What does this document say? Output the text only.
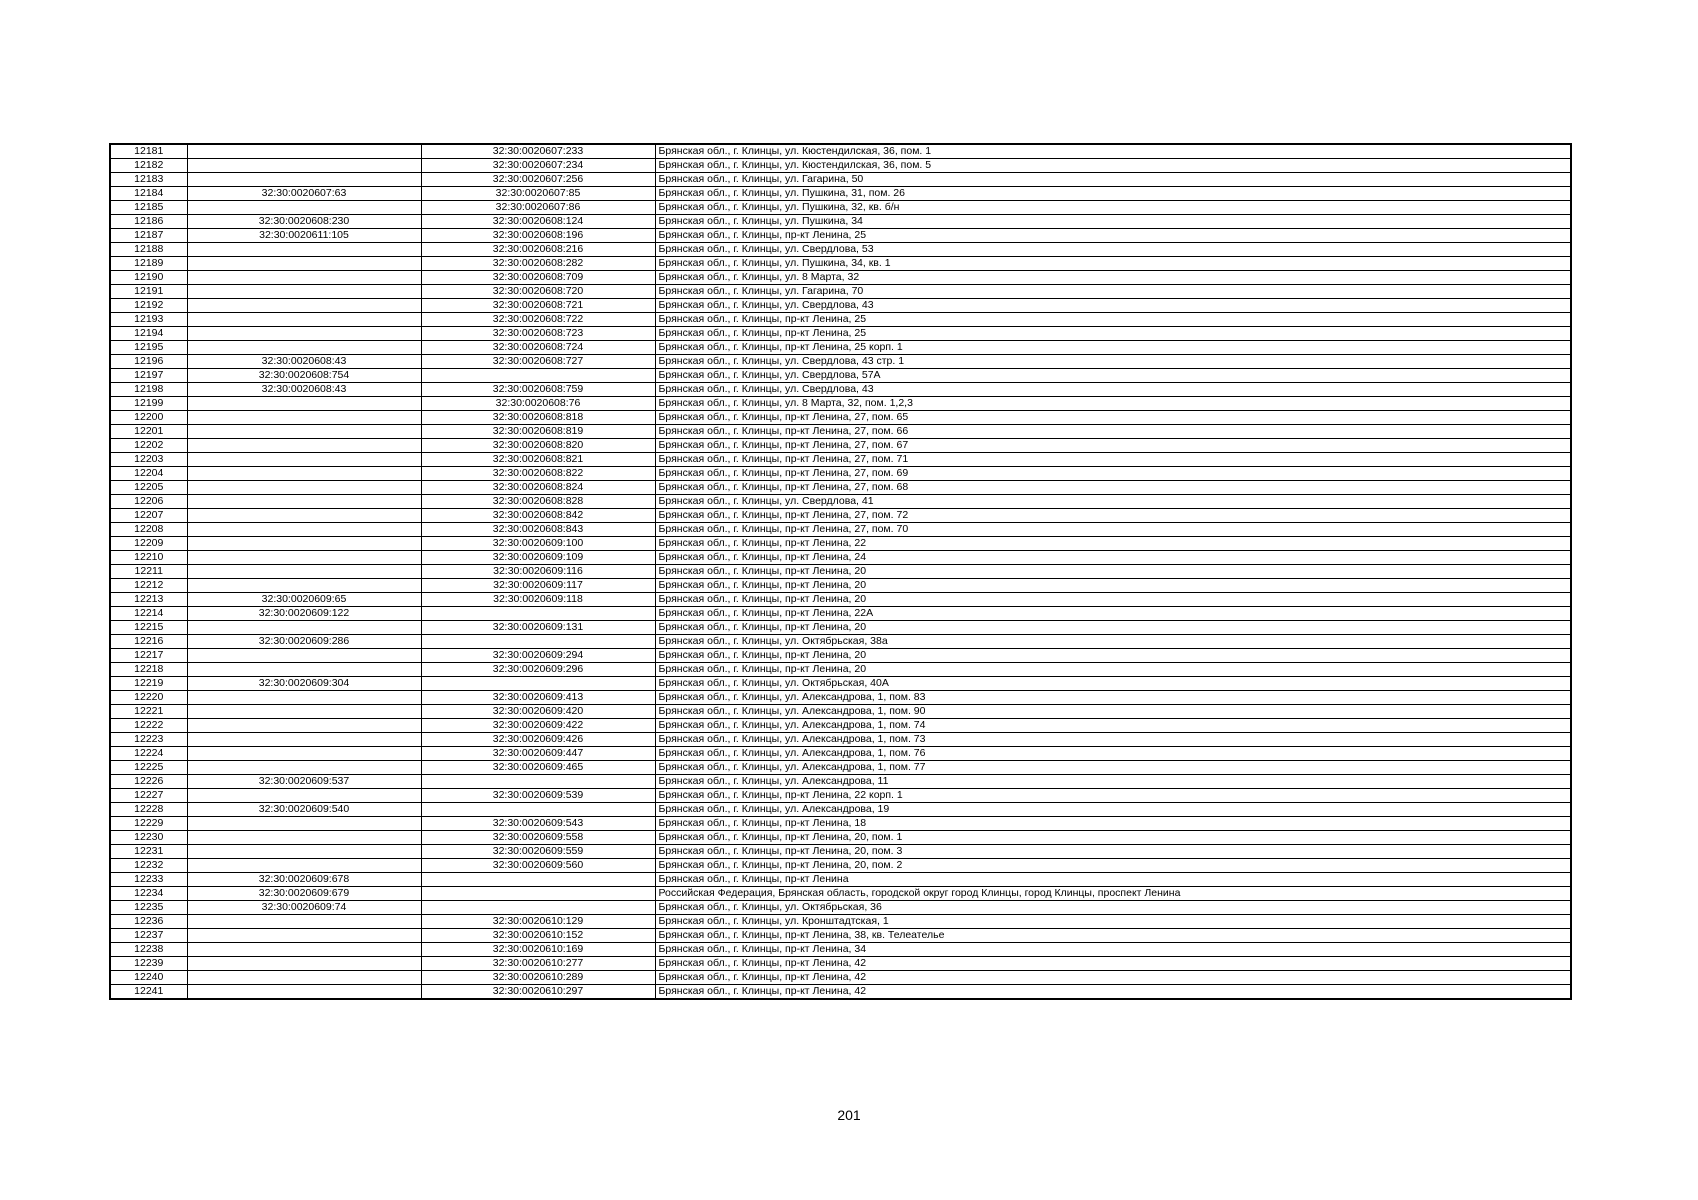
12181		32:30:0020607:233	Брянская обл., г. Клинцы, ул. Кюстендилская, 36, пом. 1
12182		32:30:0020607:234	Брянская обл., г. Клинцы, ул. Кюстендилская, 36, пом. 5
12183		32:30:0020607:256	Брянская обл., г. Клинцы, ул. Гагарина, 50
12184	32:30:0020607:63	32:30:0020607:85	Брянская обл., г. Клинцы, ул. Пушкина, 31, пом. 26
12185		32:30:0020607:86	Брянская обл., г. Клинцы, ул. Пушкина, 32, кв. б/н
12186	32:30:0020608:230	32:30:0020608:124	Брянская обл., г. Клинцы, ул. Пушкина, 34
12187	32:30:0020611:105	32:30:0020608:196	Брянская обл., г. Клинцы, пр-кт Ленина, 25
12188		32:30:0020608:216	Брянская обл., г. Клинцы, ул. Свердлова, 53
12189		32:30:0020608:282	Брянская обл., г. Клинцы, ул. Пушкина, 34, кв. 1
12190		32:30:0020608:709	Брянская обл., г. Клинцы, ул. 8 Марта, 32
12191		32:30:0020608:720	Брянская обл., г. Клинцы, ул. Гагарина, 70
12192		32:30:0020608:721	Брянская обл., г. Клинцы, ул. Свердлова, 43
12193		32:30:0020608:722	Брянская обл., г. Клинцы, пр-кт Ленина, 25
12194		32:30:0020608:723	Брянская обл., г. Клинцы, пр-кт Ленина, 25
12195		32:30:0020608:724	Брянская обл., г. Клинцы, пр-кт Ленина, 25 корп. 1
12196	32:30:0020608:43	32:30:0020608:727	Брянская обл., г. Клинцы, ул. Свердлова, 43 стр. 1
12197	32:30:0020608:754		Брянская обл., г. Клинцы, ул. Свердлова, 57А
12198	32:30:0020608:43	32:30:0020608:759	Брянская обл., г. Клинцы, ул. Свердлова, 43
12199		32:30:0020608:76	Брянская обл., г. Клинцы, ул. 8 Марта, 32, пом. 1,2,3
12200		32:30:0020608:818	Брянская обл., г. Клинцы, пр-кт Ленина, 27, пом. 65
12201		32:30:0020608:819	Брянская обл., г. Клинцы, пр-кт Ленина, 27, пом. 66
12202		32:30:0020608:820	Брянская обл., г. Клинцы, пр-кт Ленина, 27, пом. 67
12203		32:30:0020608:821	Брянская обл., г. Клинцы, пр-кт Ленина, 27, пом. 71
12204		32:30:0020608:822	Брянская обл., г. Клинцы, пр-кт Ленина, 27, пом. 69
12205		32:30:0020608:824	Брянская обл., г. Клинцы, пр-кт Ленина, 27, пом. 68
12206		32:30:0020608:828	Брянская обл., г. Клинцы, ул. Свердлова, 41
12207		32:30:0020608:842	Брянская обл., г. Клинцы, пр-кт Ленина, 27, пом. 72
12208		32:30:0020608:843	Брянская обл., г. Клинцы, пр-кт Ленина, 27, пом. 70
12209		32:30:0020609:100	Брянская обл., г. Клинцы, пр-кт Ленина, 22
12210		32:30:0020609:109	Брянская обл., г. Клинцы, пр-кт Ленина, 24
12211		32:30:0020609:116	Брянская обл., г. Клинцы, пр-кт Ленина, 20
12212		32:30:0020609:117	Брянская обл., г. Клинцы, пр-кт Ленина, 20
12213	32:30:0020609:65	32:30:0020609:118	Брянская обл., г. Клинцы, пр-кт Ленина, 20
12214	32:30:0020609:122		Брянская обл., г. Клинцы, пр-кт Ленина, 22А
12215		32:30:0020609:131	Брянская обл., г. Клинцы, пр-кт Ленина, 20
12216	32:30:0020609:286		Брянская обл., г. Клинцы, ул. Октябрьская, 38а
12217		32:30:0020609:294	Брянская обл., г. Клинцы, пр-кт Ленина, 20
12218		32:30:0020609:296	Брянская обл., г. Клинцы, пр-кт Ленина, 20
12219	32:30:0020609:304		Брянская обл., г. Клинцы, ул. Октябрьская, 40А
12220		32:30:0020609:413	Брянская обл., г. Клинцы, ул. Александрова, 1, пом. 83
12221		32:30:0020609:420	Брянская обл., г. Клинцы, ул. Александрова, 1, пом. 90
12222		32:30:0020609:422	Брянская обл., г. Клинцы, ул. Александрова, 1, пом. 74
12223		32:30:0020609:426	Брянская обл., г. Клинцы, ул. Александрова, 1, пом. 73
12224		32:30:0020609:447	Брянская обл., г. Клинцы, ул. Александрова, 1, пом. 76
12225		32:30:0020609:465	Брянская обл., г. Клинцы, ул. Александрова, 1, пом. 77
12226	32:30:0020609:537		Брянская обл., г. Клинцы, ул. Александрова, 11
12227		32:30:0020609:539	Брянская обл., г. Клинцы, пр-кт Ленина, 22 корп. 1
12228	32:30:0020609:540		Брянская обл., г. Клинцы, ул. Александрова, 19
12229		32:30:0020609:543	Брянская обл., г. Клинцы, пр-кт Ленина, 18
12230		32:30:0020609:558	Брянская обл., г. Клинцы, пр-кт Ленина, 20, пом. 1
12231		32:30:0020609:559	Брянская обл., г. Клинцы, пр-кт Ленина, 20, пом. 3
12232		32:30:0020609:560	Брянская обл., г. Клинцы, пр-кт Ленина, 20, пом. 2
12233	32:30:0020609:678		Брянская обл., г. Клинцы, пр-кт Ленина
12234	32:30:0020609:679		Российская Федерация, Брянская область, городской округ город Клинцы, город Клинцы, проспект Ленина
12235	32:30:0020609:74		Брянская обл., г. Клинцы, ул. Октябрьская, 36
12236		32:30:0020610:129	Брянская обл., г. Клинцы, ул. Кронштадтская, 1
12237		32:30:0020610:152	Брянская обл., г. Клинцы, пр-кт Ленина, 38, кв. Телеателье
12238		32:30:0020610:169	Брянская обл., г. Клинцы, пр-кт Ленина, 34
12239		32:30:0020610:277	Брянская обл., г. Клинцы, пр-кт Ленина, 42
12240		32:30:0020610:289	Брянская обл., г. Клинцы, пр-кт Ленина, 42
12241		32:30:0020610:297	Брянская обл., г. Клинцы, пр-кт Ленина, 42
201
